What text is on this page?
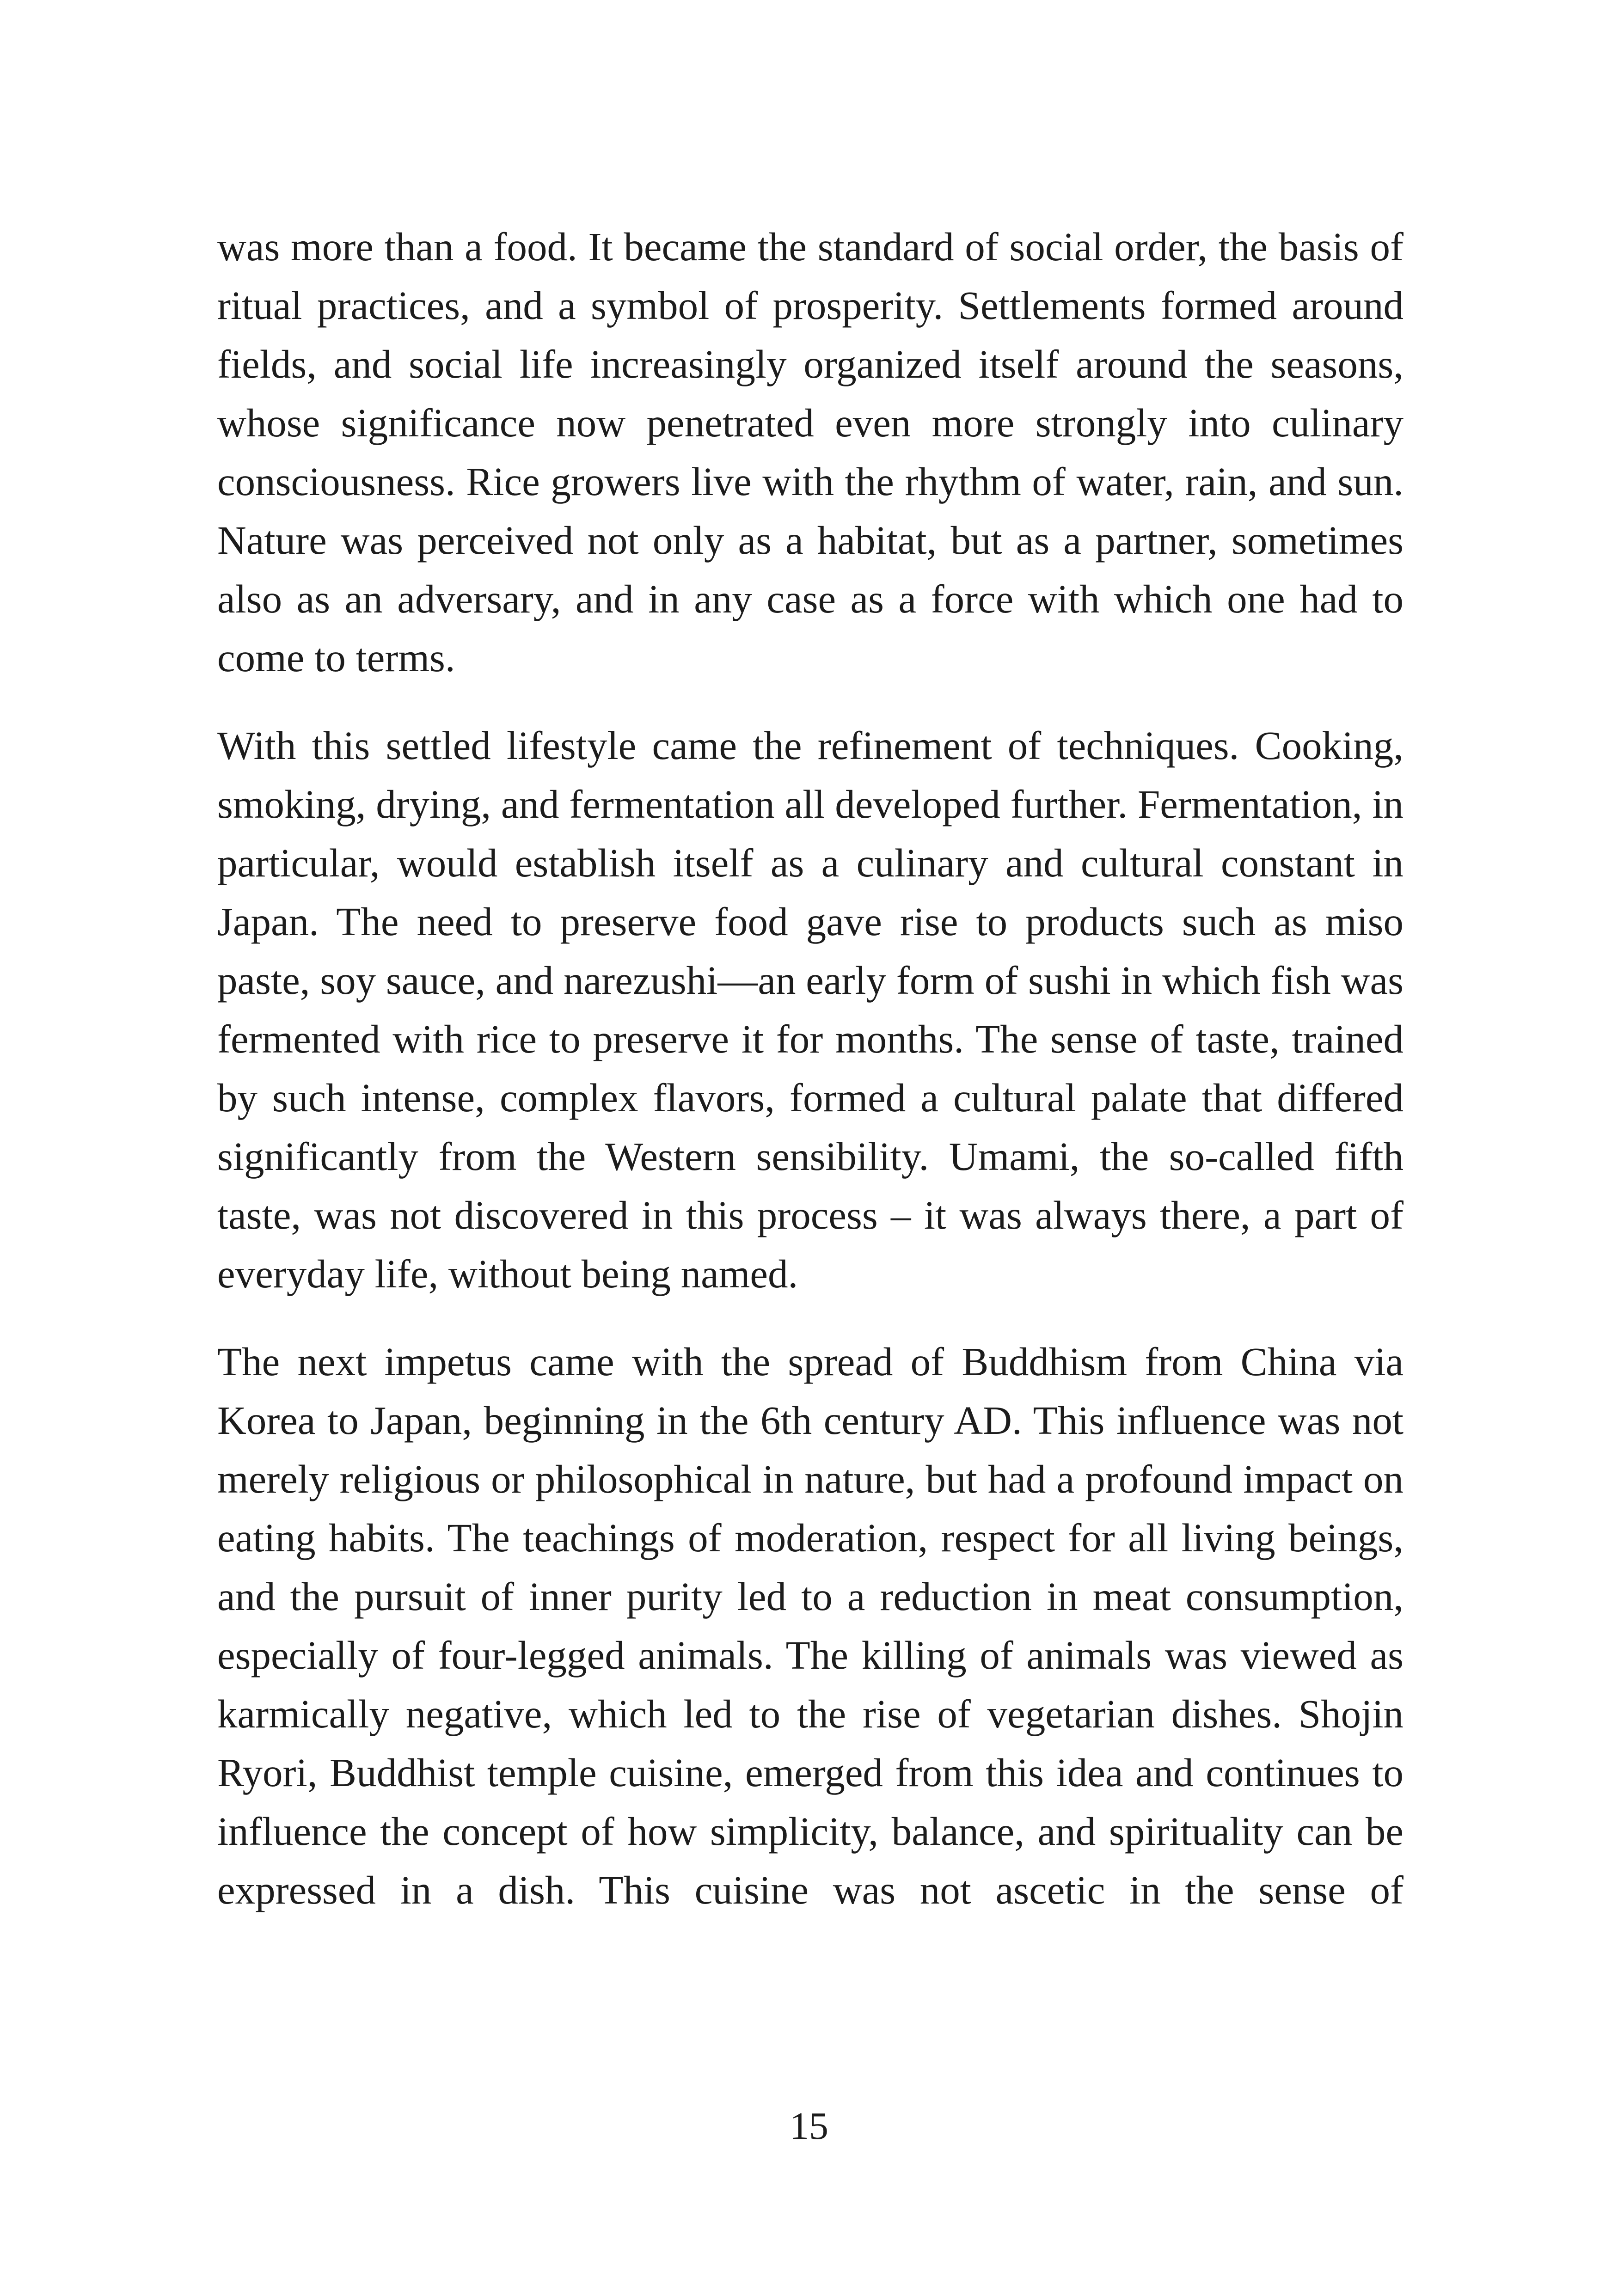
was more than a food. It became the standard of social order, the basis of ritual practices, and a symbol of prosperity. Settlements formed around fields, and social life increasingly organized itself around the seasons, whose significance now penetrated even more strongly into culinary consciousness. Rice growers live with the rhythm of water, rain, and sun. Nature was perceived not only as a habitat, but as a partner, sometimes also as an adversary, and in any case as a force with which one had to come to terms.

With this settled lifestyle came the refinement of techniques. Cooking, smoking, drying, and fermentation all developed further. Fermentation, in particular, would establish itself as a culinary and cultural constant in Japan. The need to preserve food gave rise to products such as miso paste, soy sauce, and narezushi—an early form of sushi in which fish was fermented with rice to preserve it for months. The sense of taste, trained by such intense, complex flavors, formed a cultural palate that differed significantly from the Western sensibility. Umami, the so-called fifth taste, was not discovered in this process – it was always there, a part of everyday life, without being named.

The next impetus came with the spread of Buddhism from China via Korea to Japan, beginning in the 6th century AD. This influence was not merely religious or philosophical in nature, but had a profound impact on eating habits. The teachings of moderation, respect for all living beings, and the pursuit of inner purity led to a reduction in meat consumption, especially of four-legged animals. The killing of animals was viewed as karmically negative, which led to the rise of vegetarian dishes. Shojin Ryori, Buddhist temple cuisine, emerged from this idea and continues to influence the concept of how simplicity, balance, and spirituality can be expressed in a dish. This cuisine was not ascetic in the sense of

15
